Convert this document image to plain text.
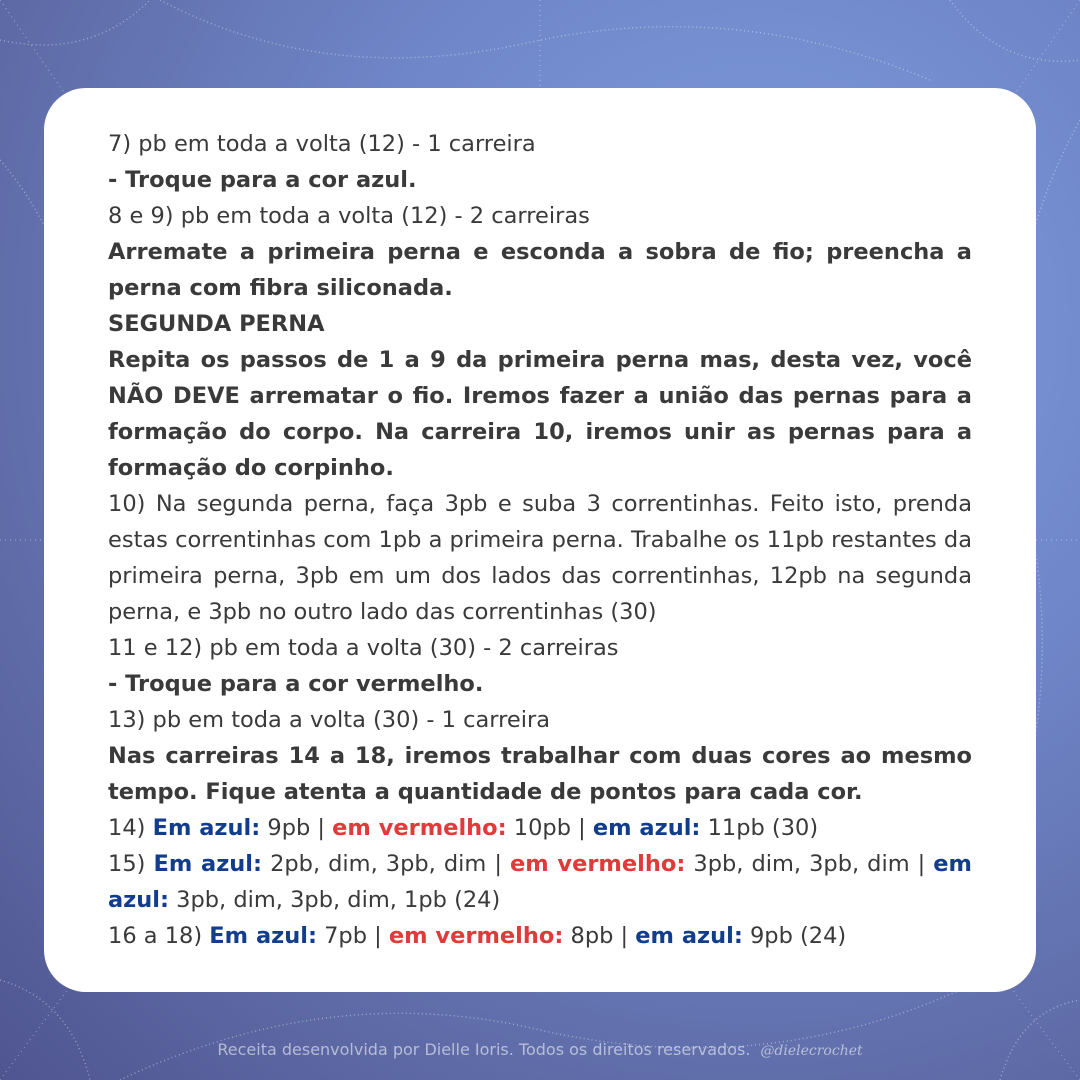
7) pb em toda a volta (12) - 1 carreira

- Troque para a cor azul.

8 e 9) pb em toda a volta (12) - 2 carreiras

Arremate a primeira perna e esconda a sobra de fio; preencha a perna com fibra siliconada.

SEGUNDA PERNA

Repita os passos de 1 a 9 da primeira perna mas, desta vez, você NÃO DEVE arrematar o fio. Iremos fazer a união das pernas para a formação do corpo. Na carreira 10, iremos unir as pernas para a formação do corpinho.

10) Na segunda perna, faça 3pb e suba 3 correntinhas. Feito isto, prenda estas correntinhas com 1pb a primeira perna. Trabalhe os 11pb restantes da primeira perna, 3pb em um dos lados das correntinhas, 12pb na segunda perna, e 3pb no outro lado das correntinhas (30)

11 e 12) pb em toda a volta (30) - 2 carreiras

- Troque para a cor vermelho.

13) pb em toda a volta (30) - 1 carreira

Nas carreiras 14 a 18, iremos trabalhar com duas cores ao mesmo tempo. Fique atenta a quantidade de pontos para cada cor.

14) Em azul: 9pb | em vermelho: 10pb | em azul: 11pb (30)

15) Em azul: 2pb, dim, 3pb, dim | em vermelho: 3pb, dim, 3pb, dim | em azul: 3pb, dim, 3pb, dim, 1pb (24)

16 a 18) Em azul: 7pb | em vermelho: 8pb | em azul: 9pb (24)

Receita desenvolvida por Dielle Ioris. Todos os direitos reservados. @dielecrochet
